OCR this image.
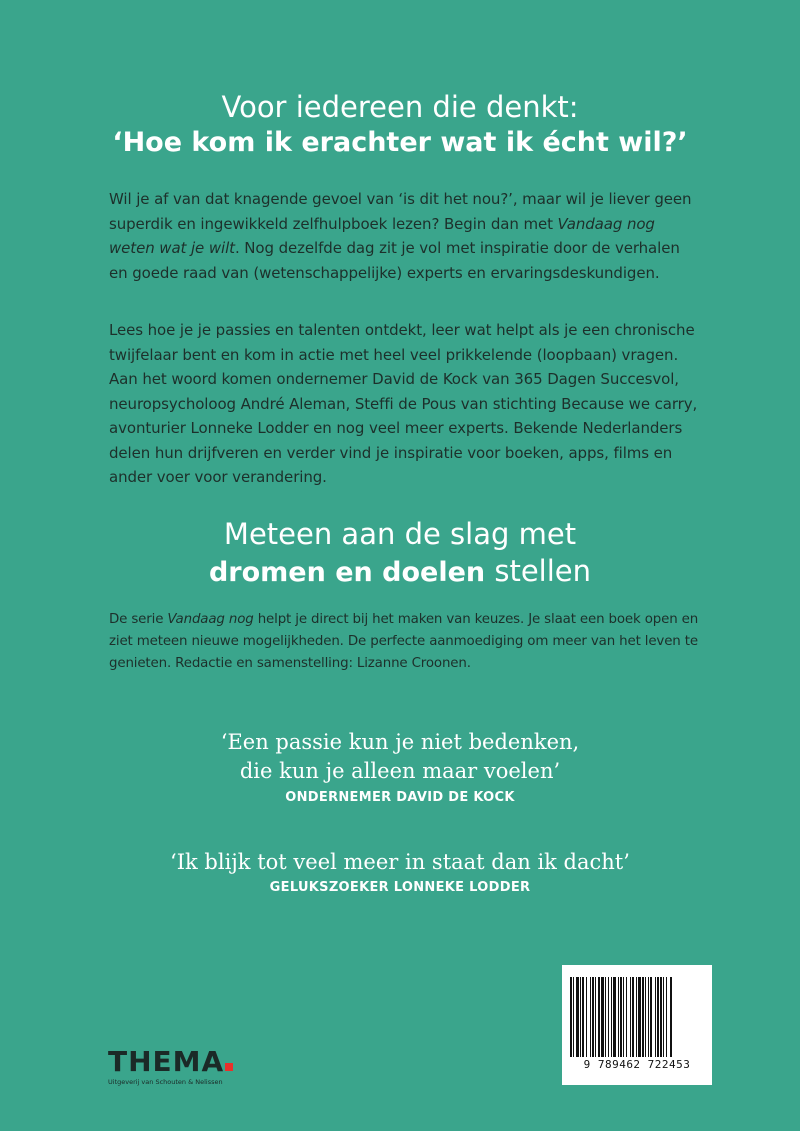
Voor iedereen die denkt:
‘Hoe kom ik erachter wat ik écht wil?’

Wil je af van dat knagende gevoel van ‘is dit het nou?’, maar wil je liever geen superdik en ingewikkeld zelfhulpboek lezen? Begin dan met Vandaag nog weten wat je wilt. Nog dezelfde dag zit je vol met inspiratie door de verhalen en goede raad van (wetenschappelijke) experts en ervaringsdeskundigen.

Lees hoe je je passies en talenten ontdekt, leer wat helpt als je een chronische twijfelaar bent en kom in actie met heel veel prikkelende (loopbaan) vragen. Aan het woord komen ondernemer David de Kock van 365 Dagen Succesvol, neuropsycholoog André Aleman, Steffi de Pous van stichting Because we carry, avonturier Lonneke Lodder en nog veel meer experts. Bekende Nederlanders delen hun drijfveren en verder vind je inspiratie voor boeken, apps, films en ander voer voor verandering.

Meteen aan de slag met
dromen en doelen stellen

De serie Vandaag nog helpt je direct bij het maken van keuzes. Je slaat een boek open en ziet meteen nieuwe mogelijkheden. De perfecte aanmoediging om meer van het leven te genieten. Redactie en samenstelling: Lizanne Croonen.

‘Een passie kun je niet bedenken,
die kun je alleen maar voelen’
ONDERNEMER DAVID DE KOCK
‘Ik blijk tot veel meer in staat dan ik dacht’
GELUKSZOEKER LONNEKE LODDER
9 789462 722453
THEMA
Uitgeverij van Schouten & Nelissen
